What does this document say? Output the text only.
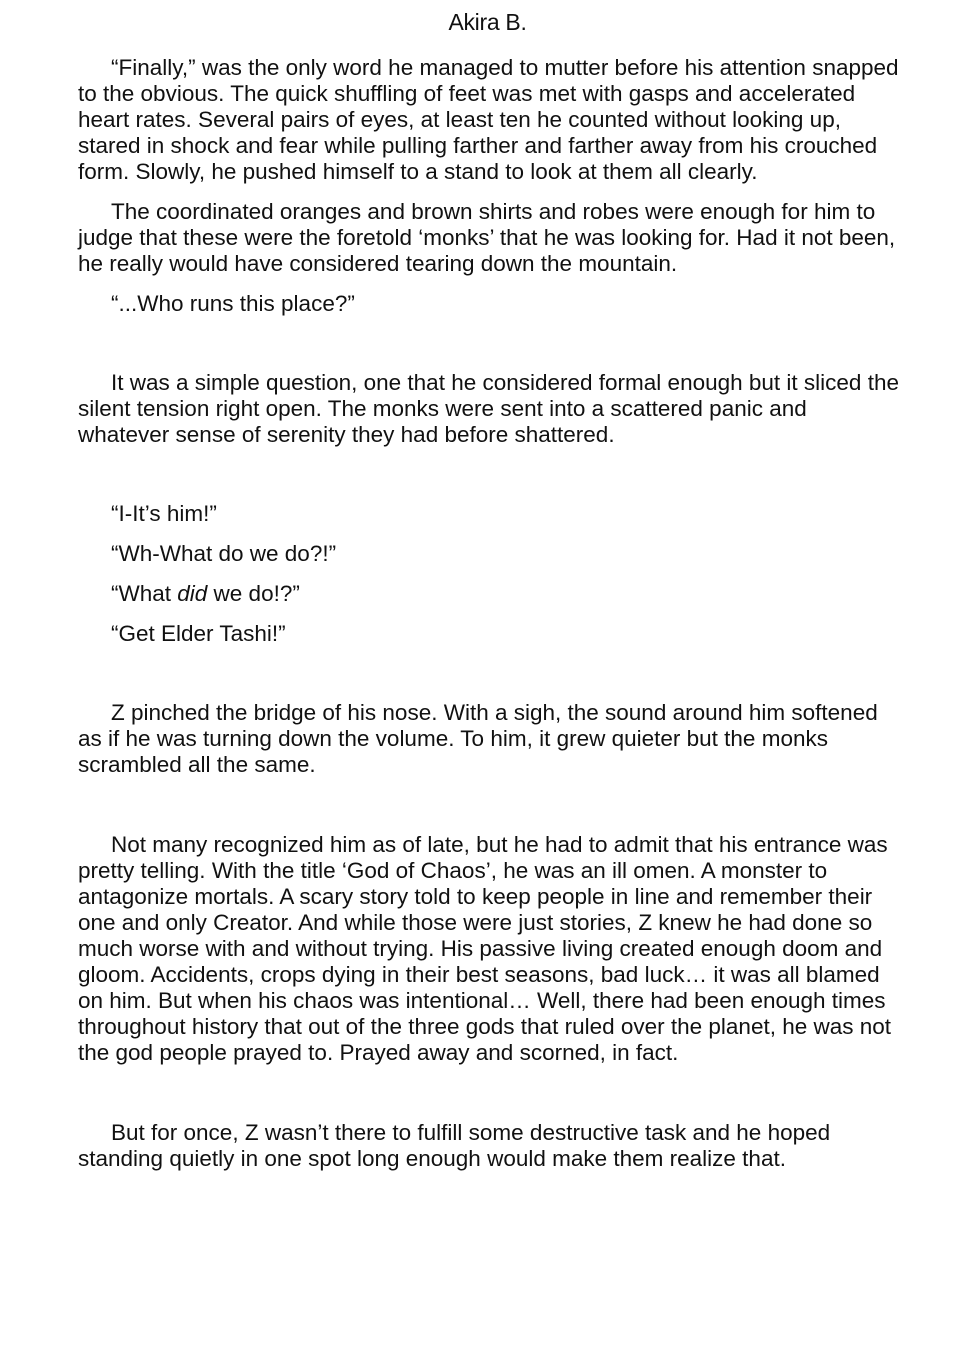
Akira B.

“Finally,” was the only word he managed to mutter before his attention snapped to the obvious. The quick shuffling of feet was met with gasps and accelerated heart rates. Several pairs of eyes, at least ten he counted without looking up, stared in shock and fear while pulling farther and farther away from his crouched form. Slowly, he pushed himself to a stand to look at them all clearly.

The coordinated oranges and brown shirts and robes were enough for him to judge that these were the foretold ‘monks’ that he was looking for. Had it not been, he really would have considered tearing down the mountain.

“...Who runs this place?”

It was a simple question, one that he considered formal enough but it sliced the silent tension right open. The monks were sent into a scattered panic and whatever sense of serenity they had before shattered.

“I-It’s him!”

“Wh-What do we do?!”

“What did we do!?”

“Get Elder Tashi!”

Z pinched the bridge of his nose. With a sigh, the sound around him softened as if he was turning down the volume. To him, it grew quieter but the monks scrambled all the same.

Not many recognized him as of late, but he had to admit that his entrance was pretty telling. With the title ‘God of Chaos’, he was an ill omen. A monster to antagonize mortals. A scary story told to keep people in line and remember their one and only Creator. And while those were just stories, Z knew he had done so much worse with and without trying. His passive living created enough doom and gloom. Accidents, crops dying in their best seasons, bad luck… it was all blamed on him. But when his chaos was intentional… Well, there had been enough times throughout history that out of the three gods that ruled over the planet, he was not the god people prayed to. Prayed away and scorned, in fact.

But for once, Z wasn’t there to fulfill some destructive task and he hoped standing quietly in one spot long enough would make them realize that.
